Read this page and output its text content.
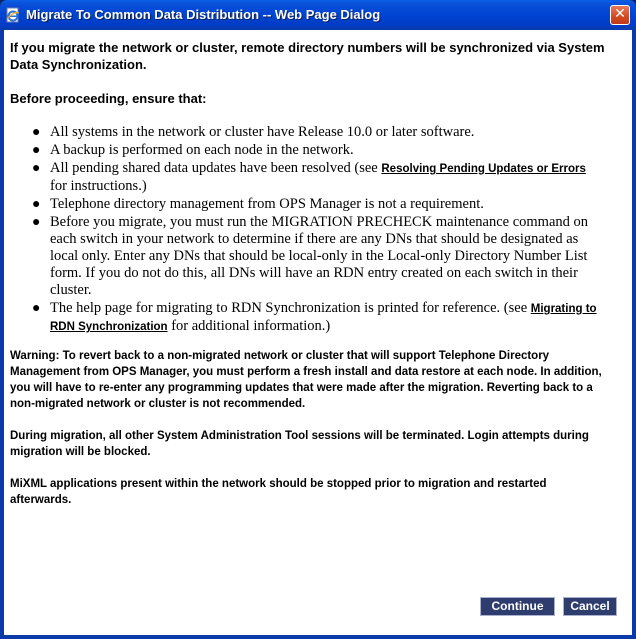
Migrate To Common Data Distribution -- Web Page Dialog	✕

If you migrate the network or cluster, remote directory numbers will be synchronized via System Data Synchronization.

Before proceeding, ensure that:

● All systems in the network or cluster have Release 10.0 or later software.
● A backup is performed on each node in the network.
● All pending shared data updates have been resolved (see Resolving Pending Updates or Errors for instructions.)
● Telephone directory management from OPS Manager is not a requirement.
● Before you migrate, you must run the MIGRATION PRECHECK maintenance command on each switch in your network to determine if there are any DNs that should be designated as local only. Enter any DNs that should be local-only in the Local-only Directory Number List form. If you do not do this, all DNs will have an RDN entry created on each switch in their cluster.
● The help page for migrating to RDN Synchronization is printed for reference. (see Migrating to RDN Synchronization for additional information.)

Warning: To revert back to a non-migrated network or cluster that will support Telephone Directory Management from OPS Manager, you must perform a fresh install and data restore at each node. In addition, you will have to re-enter any programming updates that were made after the migration. Reverting back to a non-migrated network or cluster is not recommended.

During migration, all other System Administration Tool sessions will be terminated. Login attempts during migration will be blocked.

MiXML applications present within the network should be stopped prior to migration and restarted afterwards.

Continue	Cancel
